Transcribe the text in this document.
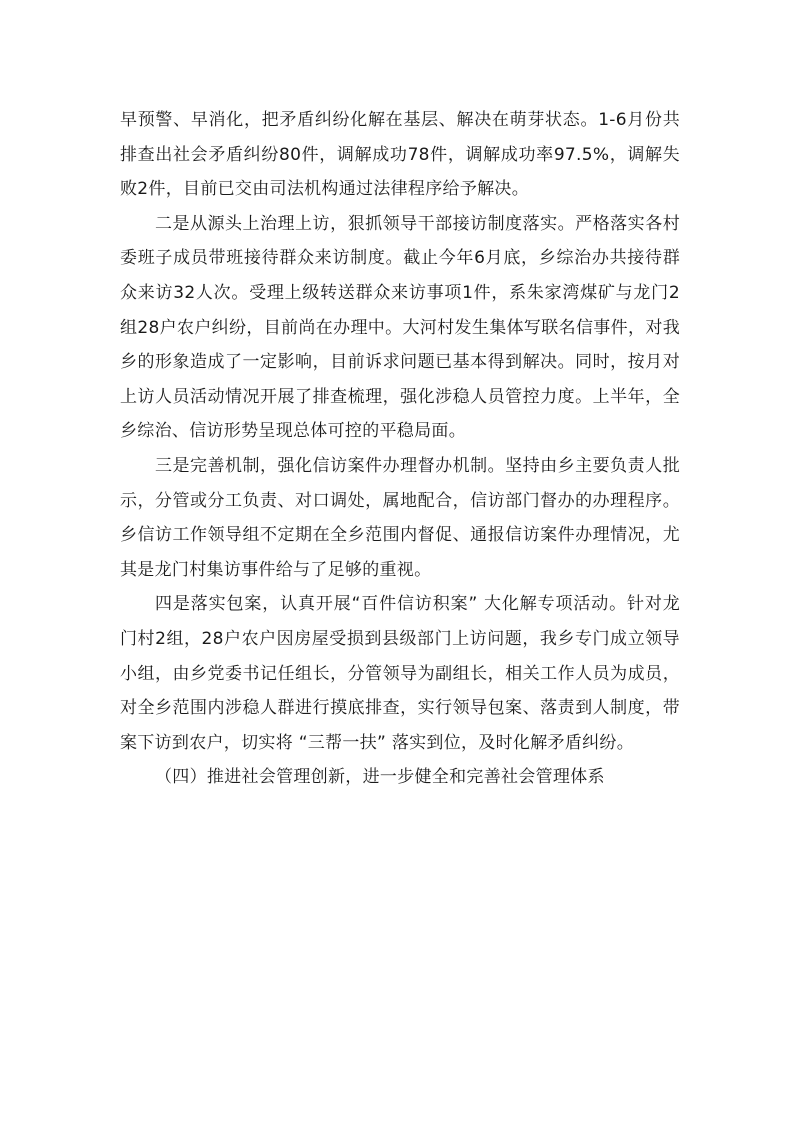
早预警、早消化，把矛盾纠纷化解在基层、解决在萌芽状态。1-6月份共排查出社会矛盾纠纷80件，调解成功78件，调解成功率97.5%，调解失败2件，目前已交由司法机构通过法律程序给予解决。

二是从源头上治理上访，狠抓领导干部接访制度落实。严格落实各村委班子成员带班接待群众来访制度。截止今年6月底，乡综治办共接待群众来访32人次。受理上级转送群众来访事项1件，系朱家湾煤矿与龙门2组28户农户纠纷，目前尚在办理中。大河村发生集体写联名信事件，对我乡的形象造成了一定影响，目前诉求问题已基本得到解决。同时，按月对上访人员活动情况开展了排查梳理，强化涉稳人员管控力度。上半年，全乡综治、信访形势呈现总体可控的平稳局面。

三是完善机制，强化信访案件办理督办机制。坚持由乡主要负责人批示，分管或分工负责、对口调处，属地配合，信访部门督办的办理程序。乡信访工作领导组不定期在全乡范围内督促、通报信访案件办理情况，尤其是龙门村集访事件给与了足够的重视。

四是落实包案，认真开展“百件信访积案” 大化解专项活动。针对龙门村2组，28户农户因房屋受损到县级部门上访问题，我乡专门成立领导小组，由乡党委书记任组长，分管领导为副组长，相关工作人员为成员，对全乡范围内涉稳人群进行摸底排查，实行领导包案、落责到人制度，带案下访到农户，切实将 “三帮一扶” 落实到位，及时化解矛盾纠纷。

（四）推进社会管理创新，进一步健全和完善社会管理体系
